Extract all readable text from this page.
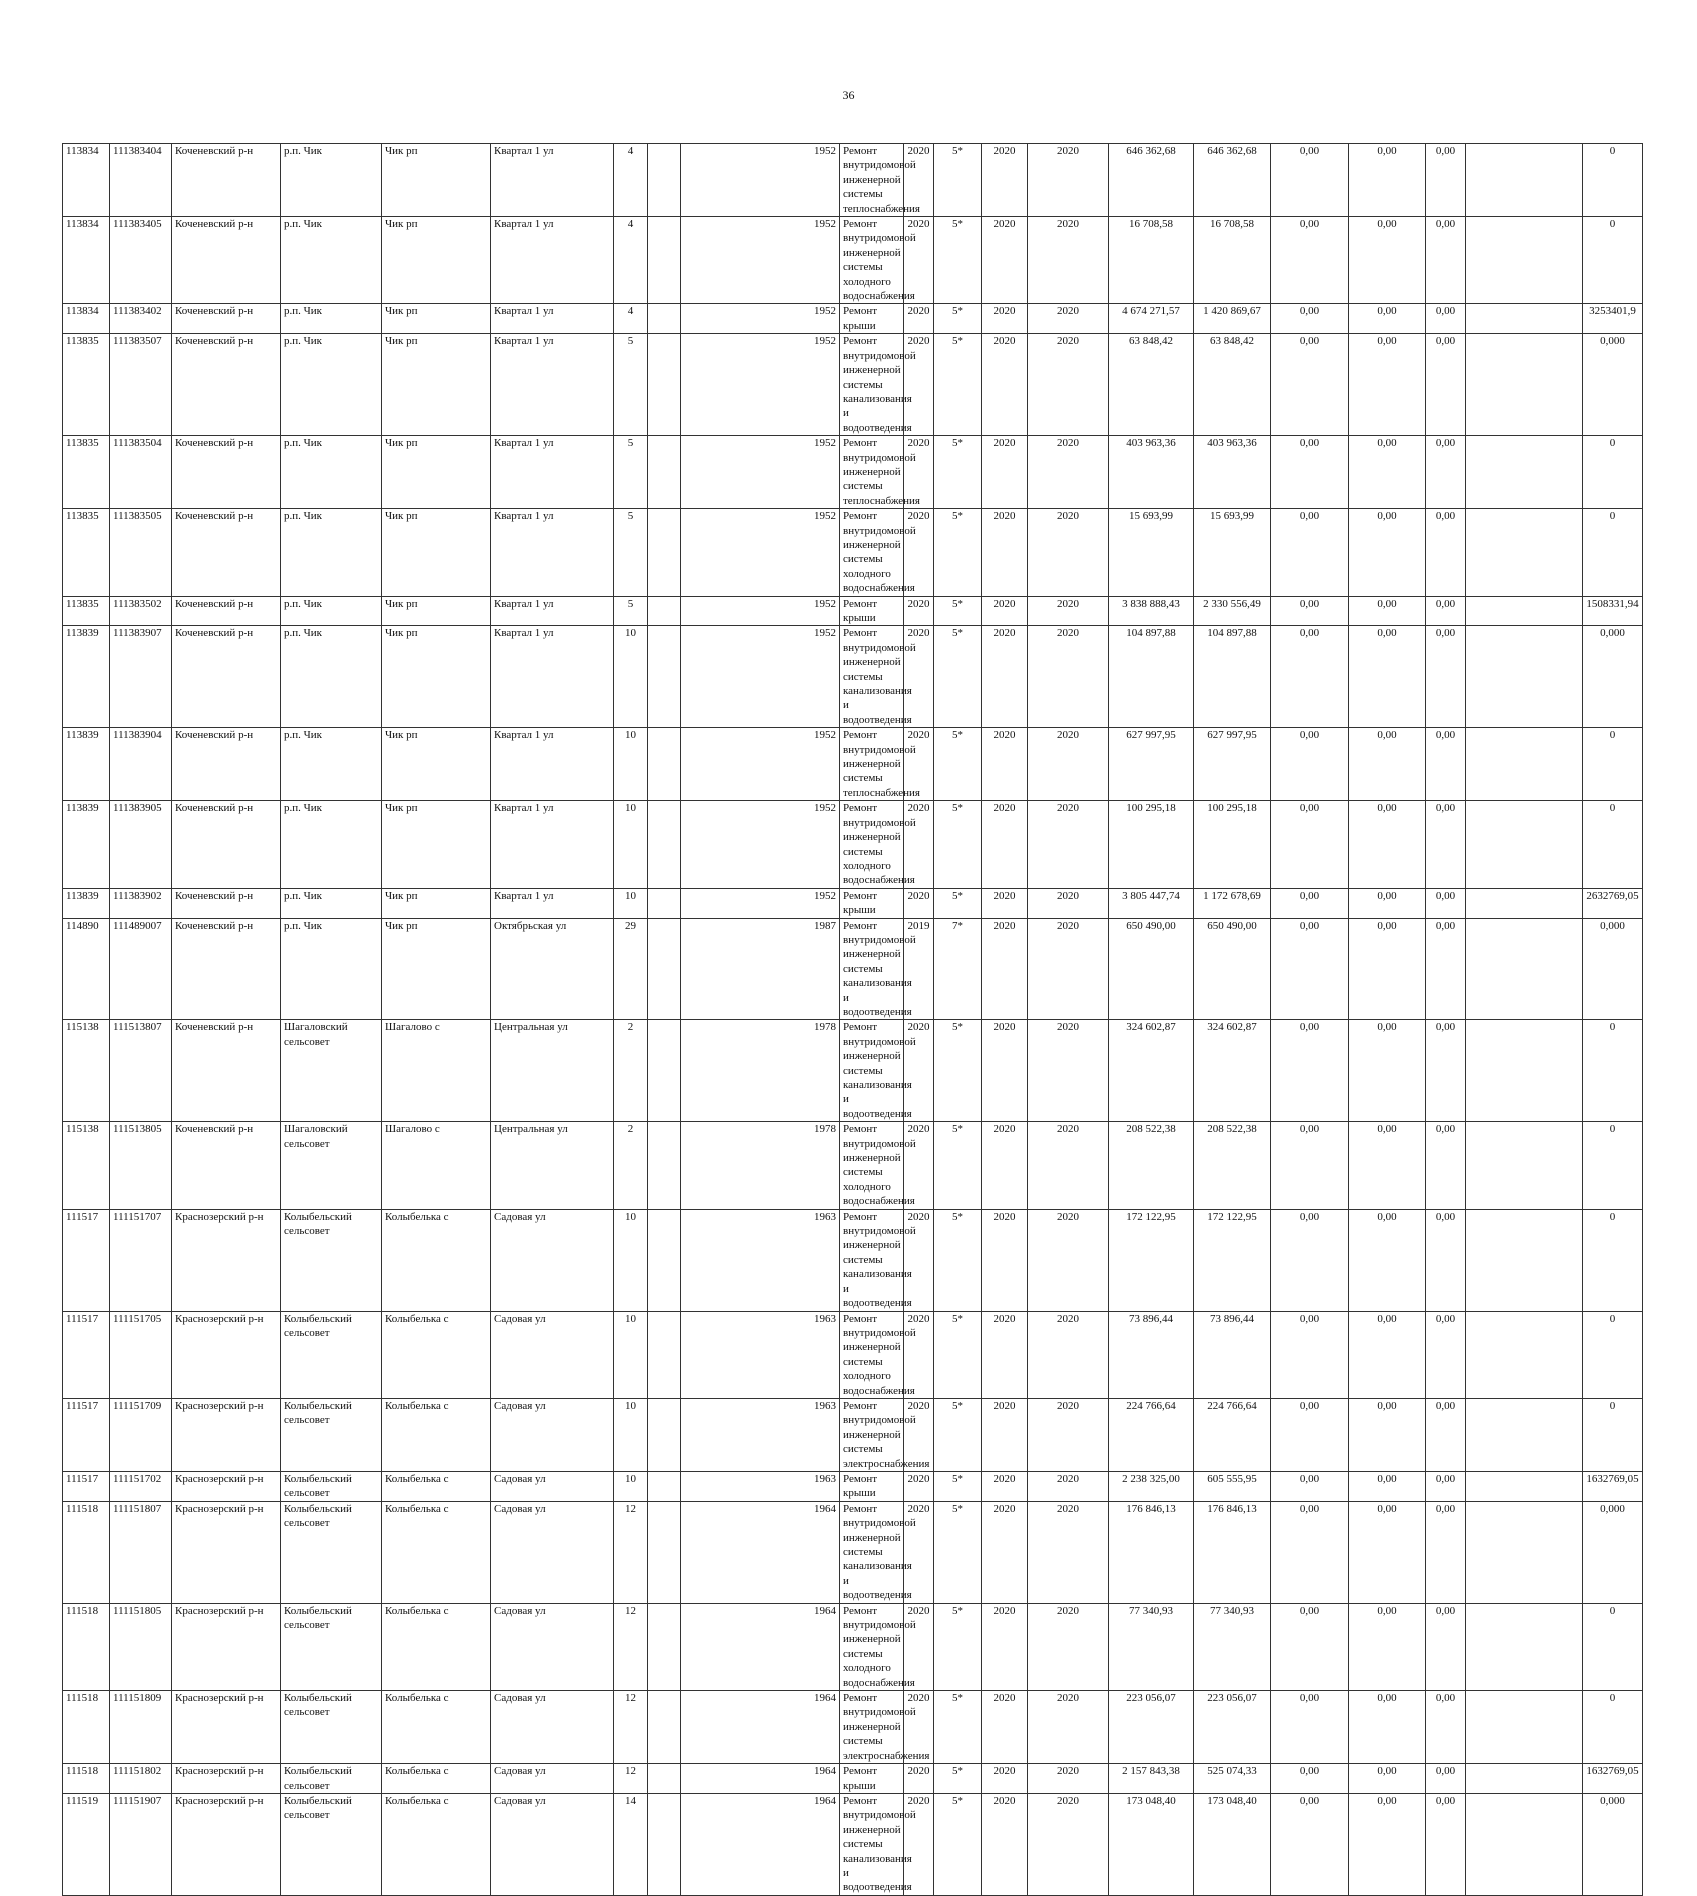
36
113834	111383404	Коченевский р-н	р.п. Чик	Чик рп	Квартал 1 ул	4		1952	Ремонт внутридомовой инженерной системы теплоснабжения	2020	5*	2020	2020	646 362,68	646 362,68	0,00	0,00	0,00		0	
113834	111383405	Коченевский р-н	р.п. Чик	Чик рп	Квартал 1 ул	4		1952	Ремонт внутридомовой инженерной системы холодного водоснабжения	2020	5*	2020	2020	16 708,58	16 708,58	0,00	0,00	0,00		0	
113834	111383402	Коченевский р-н	р.п. Чик	Чик рп	Квартал 1 ул	4		1952	Ремонт крыши	2020	5*	2020	2020	4 674 271,57	1 420 869,67	0,00	0,00	0,00		3253401,9	
113835	111383507	Коченевский р-н	р.п. Чик	Чик рп	Квартал 1 ул	5		1952	Ремонт внутридомовой инженерной системы канализования и водоотведения	2020	5*	2020	2020	63 848,42	63 848,42	0,00	0,00	0,00		0,000	
113835	111383504	Коченевский р-н	р.п. Чик	Чик рп	Квартал 1 ул	5		1952	Ремонт внутридомовой инженерной системы теплоснабжения	2020	5*	2020	2020	403 963,36	403 963,36	0,00	0,00	0,00		0	
113835	111383505	Коченевский р-н	р.п. Чик	Чик рп	Квартал 1 ул	5		1952	Ремонт внутридомовой инженерной системы холодного водоснабжения	2020	5*	2020	2020	15 693,99	15 693,99	0,00	0,00	0,00		0	
113835	111383502	Коченевский р-н	р.п. Чик	Чик рп	Квартал 1 ул	5		1952	Ремонт крыши	2020	5*	2020	2020	3 838 888,43	2 330 556,49	0,00	0,00	0,00		1508331,94	
113839	111383907	Коченевский р-н	р.п. Чик	Чик рп	Квартал 1 ул	10		1952	Ремонт внутридомовой инженерной системы канализования и водоотведения	2020	5*	2020	2020	104 897,88	104 897,88	0,00	0,00	0,00		0,000	
113839	111383904	Коченевский р-н	р.п. Чик	Чик рп	Квартал 1 ул	10		1952	Ремонт внутридомовой инженерной системы теплоснабжения	2020	5*	2020	2020	627 997,95	627 997,95	0,00	0,00	0,00		0	
113839	111383905	Коченевский р-н	р.п. Чик	Чик рп	Квартал 1 ул	10		1952	Ремонт внутридомовой инженерной системы холодного водоснабжения	2020	5*	2020	2020	100 295,18	100 295,18	0,00	0,00	0,00		0	
113839	111383902	Коченевский р-н	р.п. Чик	Чик рп	Квартал 1 ул	10		1952	Ремонт крыши	2020	5*	2020	2020	3 805 447,74	1 172 678,69	0,00	0,00	0,00		2632769,05	
114890	111489007	Коченевский р-н	р.п. Чик	Чик рп	Октябрьская ул	29		1987	Ремонт внутридомовой инженерной системы канализования и водоотведения	2019	7*	2020	2020	650 490,00	650 490,00	0,00	0,00	0,00		0,000	
115138	111513807	Коченевский р-н	Шагаловский сельсовет	Шагалово с	Центральная ул	2		1978	Ремонт внутридомовой инженерной системы канализования и водоотведения	2020	5*	2020	2020	324 602,87	324 602,87	0,00	0,00	0,00		0	
115138	111513805	Коченевский р-н	Шагаловский сельсовет	Шагалово с	Центральная ул	2		1978	Ремонт внутридомовой инженерной системы холодного водоснабжения	2020	5*	2020	2020	208 522,38	208 522,38	0,00	0,00	0,00		0	
111517	111151707	Краснозерский р-н	Колыбельский сельсовет	Колыбелька с	Садовая ул	10		1963	Ремонт внутридомовой инженерной системы канализования и водоотведения	2020	5*	2020	2020	172 122,95	172 122,95	0,00	0,00	0,00		0	
111517	111151705	Краснозерский р-н	Колыбельский сельсовет	Колыбелька с	Садовая ул	10		1963	Ремонт внутридомовой инженерной системы холодного водоснабжения	2020	5*	2020	2020	73 896,44	73 896,44	0,00	0,00	0,00		0	
111517	111151709	Краснозерский р-н	Колыбельский сельсовет	Колыбелька с	Садовая ул	10		1963	Ремонт внутридомовой инженерной системы электроснабжения	2020	5*	2020	2020	224 766,64	224 766,64	0,00	0,00	0,00		0	
111517	111151702	Краснозерский р-н	Колыбельский сельсовет	Колыбелька с	Садовая ул	10		1963	Ремонт крыши	2020	5*	2020	2020	2 238 325,00	605 555,95	0,00	0,00	0,00		1632769,05	
111518	111151807	Краснозерский р-н	Колыбельский сельсовет	Колыбелька с	Садовая ул	12		1964	Ремонт внутридомовой инженерной системы канализования и водоотведения	2020	5*	2020	2020	176 846,13	176 846,13	0,00	0,00	0,00		0,000	
111518	111151805	Краснозерский р-н	Колыбельский сельсовет	Колыбелька с	Садовая ул	12		1964	Ремонт внутридомовой инженерной системы холодного водоснабжения	2020	5*	2020	2020	77 340,93	77 340,93	0,00	0,00	0,00		0	
111518	111151809	Краснозерский р-н	Колыбельский сельсовет	Колыбелька с	Садовая ул	12		1964	Ремонт внутридомовой инженерной системы электроснабжения	2020	5*	2020	2020	223 056,07	223 056,07	0,00	0,00	0,00		0	
111518	111151802	Краснозерский р-н	Колыбельский сельсовет	Колыбелька с	Садовая ул	12		1964	Ремонт крыши	2020	5*	2020	2020	2 157 843,38	525 074,33	0,00	0,00	0,00		1632769,05	
111519	111151907	Краснозерский р-н	Колыбельский сельсовет	Колыбелька с	Садовая ул	14		1964	Ремонт внутридомовой инженерной системы канализования и водоотведения	2020	5*	2020	2020	173 048,40	173 048,40	0,00	0,00	0,00		0,000	
